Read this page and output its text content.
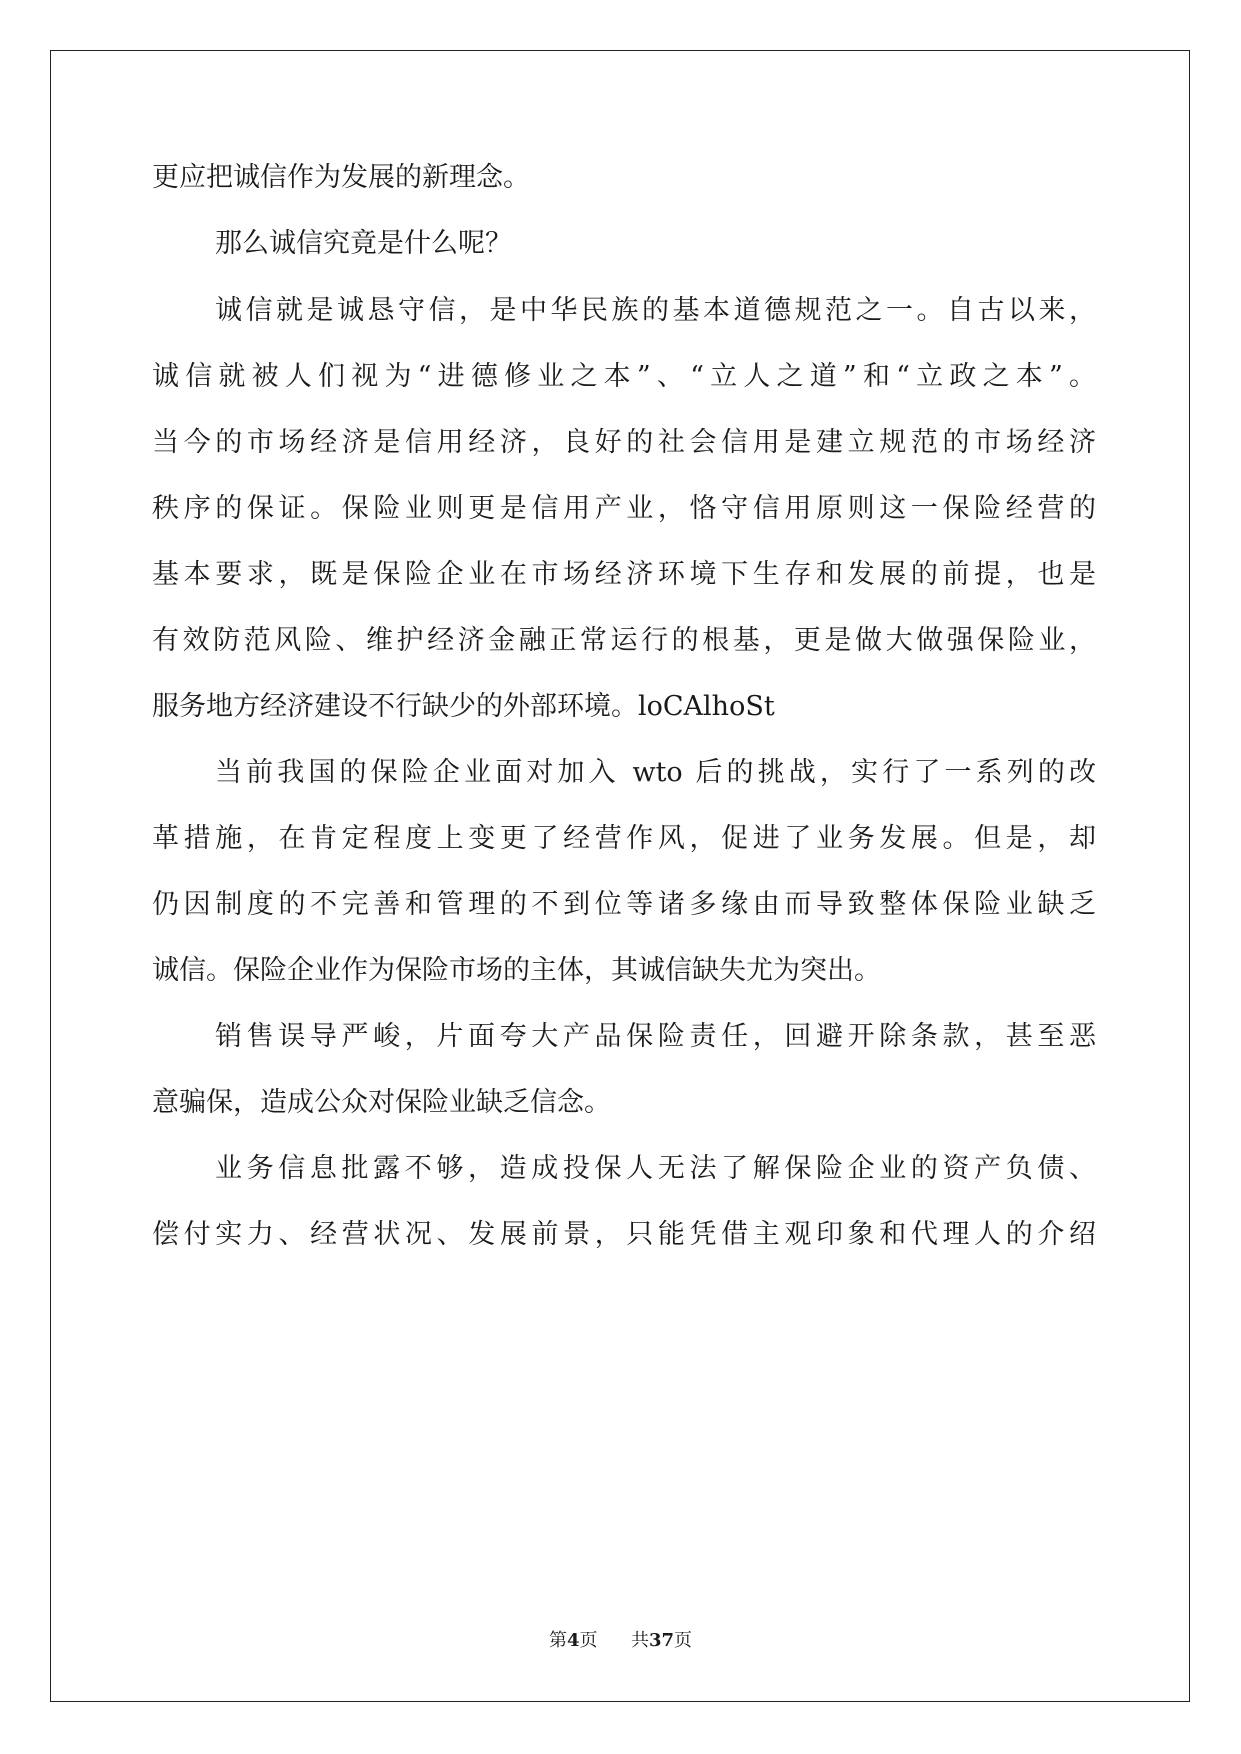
更应把诚信作为发展的新理念。
那么诚信究竟是什么呢？
诚信就是诚恳守信，是中华民族的基本道德规范之一。自古以来，
诚信就被人们视为“进德修业之本”、“立人之道”和“立政之本”。
当今的市场经济是信用经济，良好的社会信用是建立规范的市场经济
秩序的保证。保险业则更是信用产业，恪守信用原则这一保险经营的
基本要求，既是保险企业在市场经济环境下生存和发展的前提，也是
有效防范风险、维护经济金融正常运行的根基，更是做大做强保险业，
服务地方经济建设不行缺少的外部环境。loCAlhoSt
当前我国的保险企业面对加入 wto 后的挑战，实行了一系列的改
革措施，在肯定程度上变更了经营作风，促进了业务发展。但是，却
仍因制度的不完善和管理的不到位等诸多缘由而导致整体保险业缺乏
诚信。保险企业作为保险市场的主体，其诚信缺失尤为突出。
销售误导严峻，片面夸大产品保险责任，回避开除条款，甚至恶
意骗保，造成公众对保险业缺乏信念。
业务信息批露不够，造成投保人无法了解保险企业的资产负债、
偿付实力、经营状况、发展前景，只能凭借主观印象和代理人的介绍
第4页 共37页
